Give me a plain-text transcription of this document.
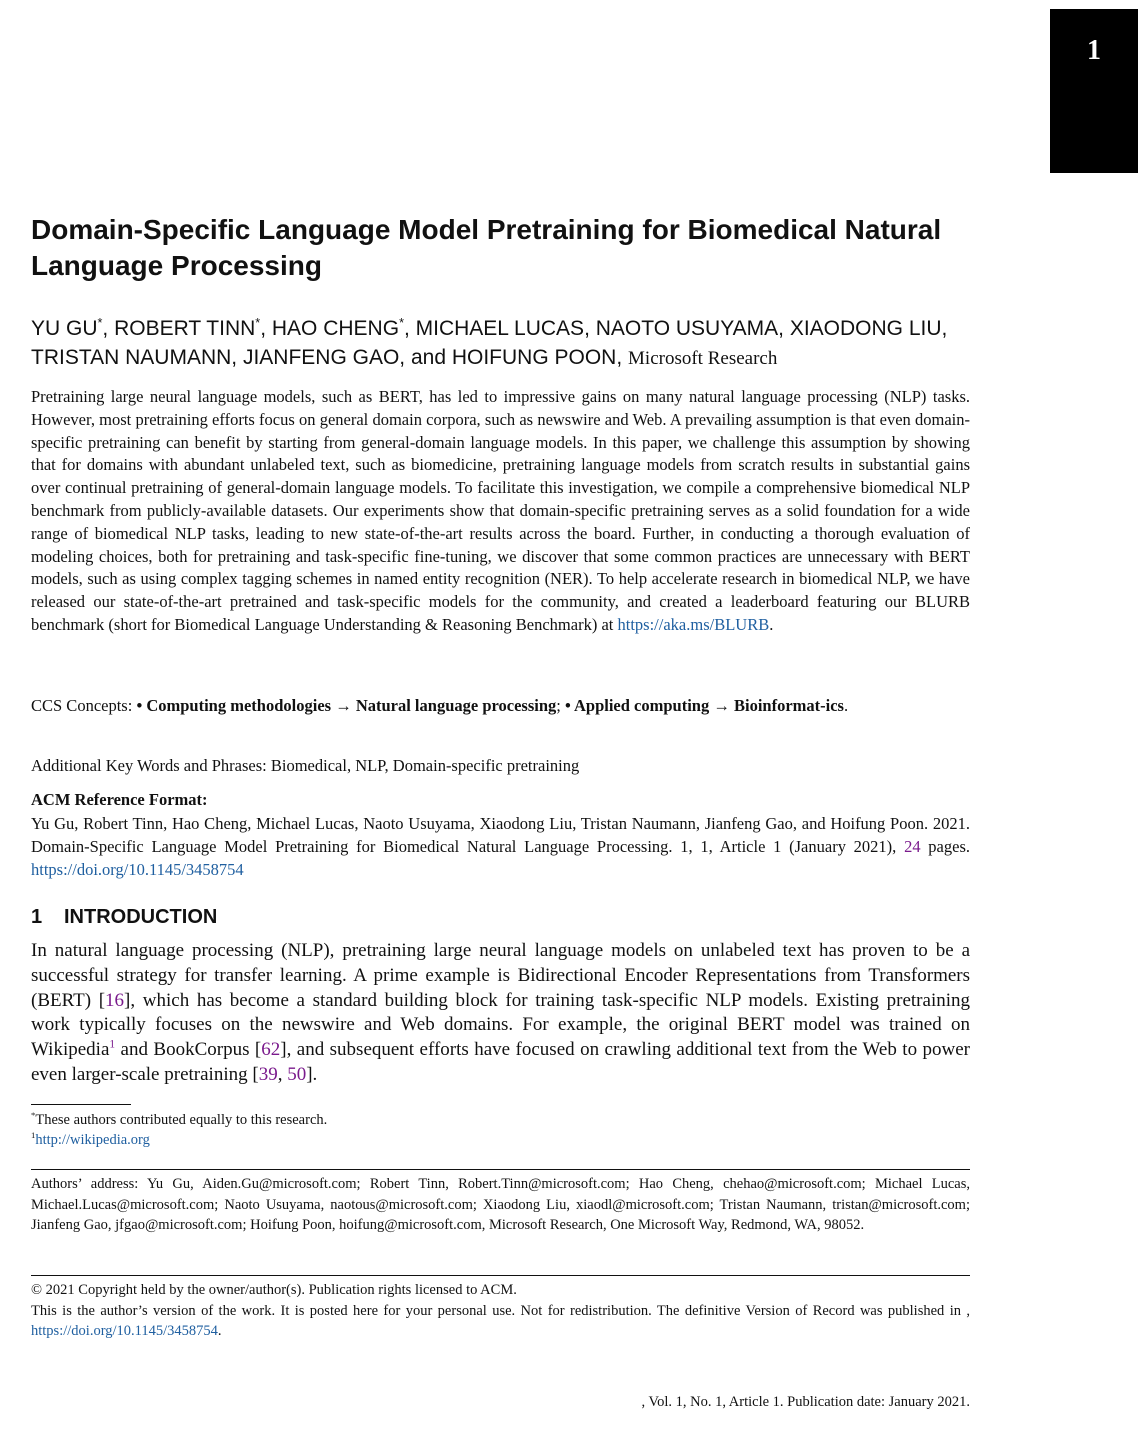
1
Domain-Specific Language Model Pretraining for Biomedical Natural Language Processing
YU GU*, ROBERT TINN*, HAO CHENG*, MICHAEL LUCAS, NAOTO USUYAMA, XIAODONG LIU, TRISTAN NAUMANN, JIANFENG GAO, and HOIFUNG POON, Microsoft Research

Pretraining large neural language models, such as BERT, has led to impressive gains on many natural language processing (NLP) tasks. However, most pretraining efforts focus on general domain corpora, such as newswire and Web. A prevailing assumption is that even domain-specific pretraining can benefit by starting from general-domain language models. In this paper, we challenge this assumption by showing that for domains with abundant unlabeled text, such as biomedicine, pretraining language models from scratch results in substantial gains over continual pretraining of general-domain language models. To facilitate this investigation, we compile a comprehensive biomedical NLP benchmark from publicly-available datasets. Our experiments show that domain-specific pretraining serves as a solid foundation for a wide range of biomedical NLP tasks, leading to new state-of-the-art results across the board. Further, in conducting a thorough evaluation of modeling choices, both for pretraining and task-specific fine-tuning, we discover that some common practices are unnecessary with BERT models, such as using complex tagging schemes in named entity recognition (NER). To help accelerate research in biomedical NLP, we have released our state-of-the-art pretrained and task-specific models for the community, and created a leaderboard featuring our BLURB benchmark (short for Biomedical Language Understanding & Reasoning Benchmark) at https://aka.ms/BLURB.

CCS Concepts: • Computing methodologies → Natural language processing; • Applied computing → Bioinformat-ics.

Additional Key Words and Phrases: Biomedical, NLP, Domain-specific pretraining

ACM Reference Format:

Yu Gu, Robert Tinn, Hao Cheng, Michael Lucas, Naoto Usuyama, Xiaodong Liu, Tristan Naumann, Jianfeng Gao, and Hoifung Poon. 2021. Domain-Specific Language Model Pretraining for Biomedical Natural Language Processing. 1, 1, Article 1 (January 2021), 24 pages. https://doi.org/10.1145/3458754

1 INTRODUCTION

In natural language processing (NLP), pretraining large neural language models on unlabeled text has proven to be a successful strategy for transfer learning. A prime example is Bidirectional Encoder Representations from Transformers (BERT) [16], which has become a standard building block for training task-specific NLP models. Existing pretraining work typically focuses on the newswire and Web domains. For example, the original BERT model was trained on Wikipedia$^1$ and BookCorpus [62], and subsequent efforts have focused on crawling additional text from the Web to power even larger-scale pretraining [39, 50].

*These authors contributed equally to this research.

$^1$http://wikipedia.org

Authors’ address: Yu Gu, Aiden.Gu@microsoft.com; Robert Tinn, Robert.Tinn@microsoft.com; Hao Cheng, chehao@microsoft.com; Michael Lucas, Michael.Lucas@microsoft.com; Naoto Usuyama, naotous@microsoft.com; Xiaodong Liu, xiaodl@microsoft.com; Tristan Naumann, tristan@microsoft.com; Jianfeng Gao, jfgao@microsoft.com; Hoifung Poon, hoifung@microsoft.com, Microsoft Research, One Microsoft Way, Redmond, WA, 98052.

© 2021 Copyright held by the owner/author(s). Publication rights licensed to ACM.
This is the author’s version of the work. It is posted here for your personal use. Not for redistribution. The definitive Version of Record was published in , https://doi.org/10.1145/3458754.

, Vol. 1, No. 1, Article 1. Publication date: January 2021.
